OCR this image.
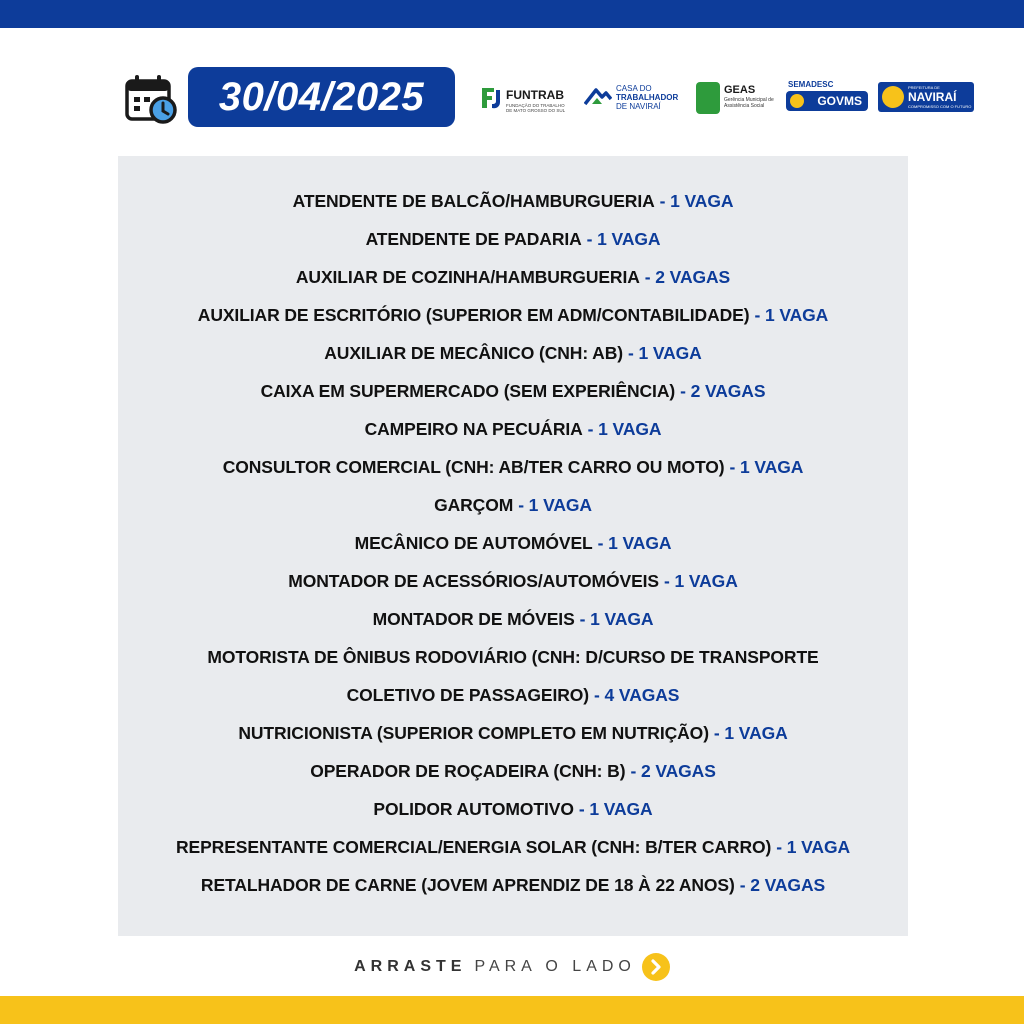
30/04/2025	FUNTRAB
FUNDAÇÃO DO TRABALHO DE MATO GROSSO DO SUL
CASA DO
TRABALHADOR
DE NAVIRAÍ
GEAS
Gerência Municipal de Assistência Social
SEMADESC
GOVMS
PREFEITURA DE
NAVIRAÍ
COMPROMISSO COM O FUTURO
ATENDENTE DE BALCÃO/HAMBURGUERIA - 1 VAGA
ATENDENTE DE PADARIA - 1 VAGA
AUXILIAR DE COZINHA/HAMBURGUERIA - 2 VAGAS
AUXILIAR DE ESCRITÓRIO (SUPERIOR EM ADM/CONTABILIDADE) - 1 VAGA
AUXILIAR DE MECÂNICO (CNH: AB) - 1 VAGA
CAIXA EM SUPERMERCADO (SEM EXPERIÊNCIA) - 2 VAGAS
CAMPEIRO NA PECUÁRIA - 1 VAGA
CONSULTOR COMERCIAL (CNH: AB/TER CARRO OU MOTO) - 1 VAGA
GARÇOM - 1 VAGA
MECÂNICO DE AUTOMÓVEL - 1 VAGA
MONTADOR DE ACESSÓRIOS/AUTOMÓVEIS - 1 VAGA
MONTADOR DE MÓVEIS - 1 VAGA
MOTORISTA DE ÔNIBUS RODOVIÁRIO (CNH: D/CURSO DE TRANSPORTE
COLETIVO DE PASSAGEIRO) - 4 VAGAS
NUTRICIONISTA (SUPERIOR COMPLETO EM NUTRIÇÃO) - 1 VAGA
OPERADOR DE ROÇADEIRA (CNH: B) - 2 VAGAS
POLIDOR AUTOMOTIVO - 1 VAGA
REPRESENTANTE COMERCIAL/ENERGIA SOLAR (CNH: B/TER CARRO) - 1 VAGA
RETALHADOR DE CARNE (JOVEM APRENDIZ DE 18 À 22 ANOS) - 2 VAGAS
ARRASTE PARA O LADO
